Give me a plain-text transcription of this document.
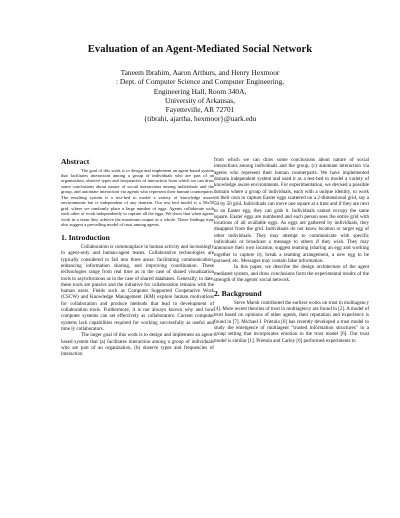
Evaluation of an Agent-Mediated Social Network
Taneem Ibrahim, Aaron Arthurs, and Henry Hexmoor
: Dept. of Computer Science and Computer Engineering,
Engineering Hall, Room 340A,
University of Arkansas,
Fayetteville, AR 72701
{tibrahi, ajartha, hexmoor}@uark.edu
Abstract

The goal of this work is to design and implement an agent-based system that facilitates interaction among a group of individuals who are part of an organization, observe types and frequencies of interaction from which we can draw some conclusions about nature of social interactions among individuals and the group, and automate interaction via agents who represent their human counterparts. The resulting system is a test-bed to model a variety of knowledge aware environments but is independent of any domain. Our test bed model is a 50x50 grid, where we randomly place a large number of eggs. Agents collaborate with each other or work independently to capture all the eggs. We show that when agents work in a team they achieve the maximum output as a whole. These findings may also suggest a prevailing model of trust among agents.

1. Introduction

Collaboration is commonplace in human activity and increasingly in agent-only and human-agent teams. Collaborative technologies are typically considered to fall into three areas: facilitating communication, enhancing information sharing, and improving coordination. These technologies range from real time as in the case of shared visualization tools to asynchronous as in the case of shared databases. Generally, to date, these tools are passive and the initiative for collaboration remains with the human users. Fields such as Computer Supported Cooperative Work (CSCW) and Knowledge Management (KM) explore human motivations for collaboration and produce methods that lead to development of collaboration tools. Furthermore, it is not always known why and how computer systems can set effectively as collaborators. Current computer systems lack capabilities required for working successfully as useful and time ly collaborators.

The larger goal of this work is to design and implement an agent-based system that (a) facilitates interaction among a group of individuals who are part of an organization, (b) observe types and frequencies of interaction

from which we can draw some conclusions about nature of social interactions among individuals and the group, (c) automate interaction via agents who represent their human counterparts. We have implemented domain independent system and used it as a test-bed to model a variety of knowledge aware environments. For experimentation, we devised a possible domain where a group of individuals, each with a unique identity, to work on their own to capture Easter eggs scattered on a 2-dimensional grid, say a 50 by 50 grid. Individuals can move one square at a time and if they are next to an Easter egg, they can grab it. Individuals cannot occupy the same square. Easter eggs are numbered and each person sees the entire grid with locations of all available eggs. As eggs are gathered by individuals, they disappear from the grid. Individuals do not know location or target egg of other individuals. They may attempt to communicate with specific individuals or broadcast a message to others if they wish. They may announce their own location, suggest teaming (sharing an egg and working together to capture it), break a teaming arrangement, a new egg to be pursued, etc. Messages may contain false information.

In this paper, we describe the design architecture of the agent mediated system, and draw conclusions form the experimental results of the strength of the agents' social network.

2. Background

Steve Marsh contributed the earliest works on trust in multiagency [4]. More recent theories of trust in multiagency are found in [2]. A model of trust based on opinions of other agents, their reputation and experience is found in [7]. Michael J. Prietula [6] has recently developed a trust model to study the emergence of multiagent "trusted information structures" in a group setting that incorporates emotion in the trust model [6]. Our trust model is similar [1]. Prietula and Carley [6] performed experiments to
